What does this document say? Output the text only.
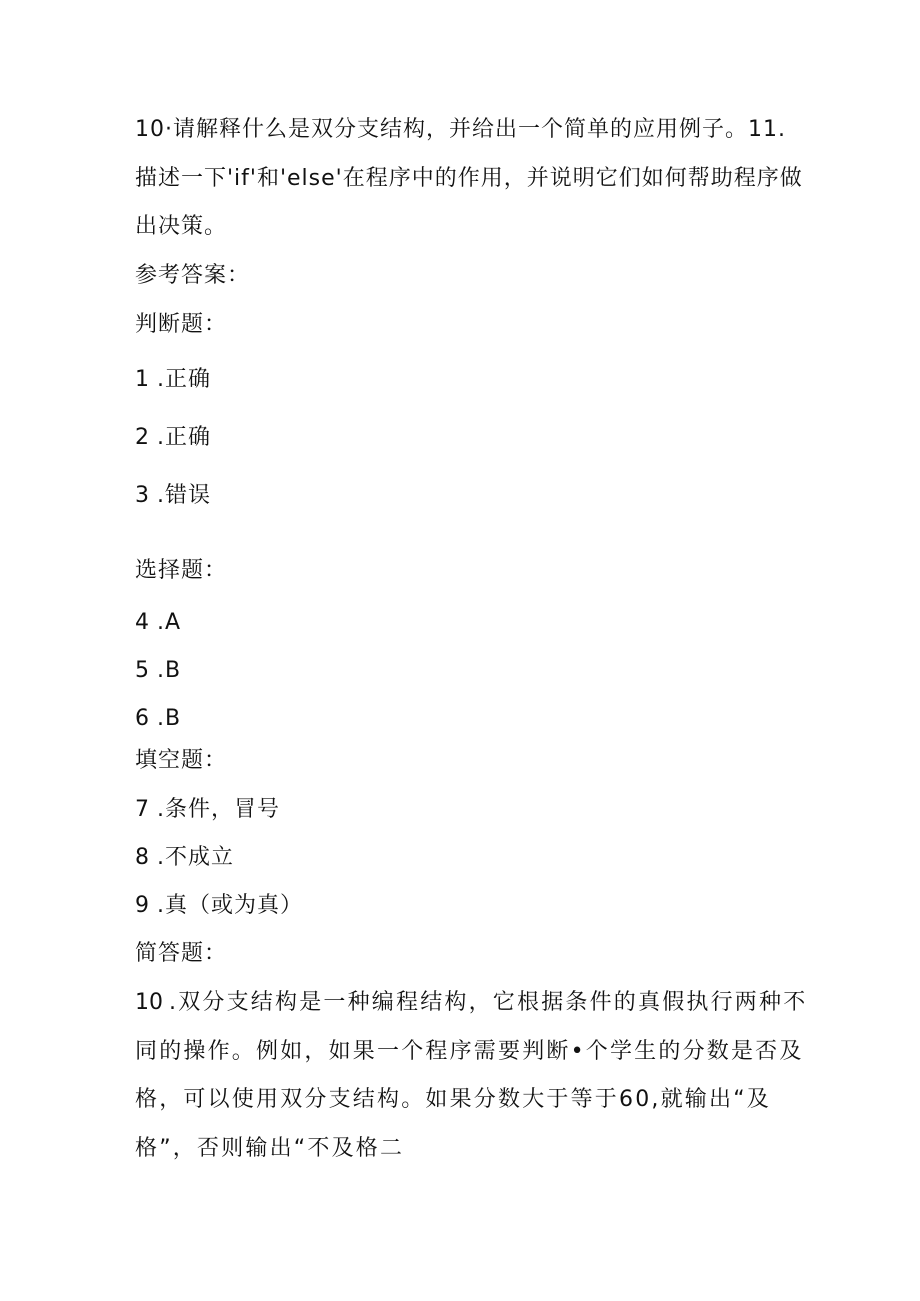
10·请解释什么是双分支结构，并给出一个简单的应用例子。11.
描述一下'if'和'else'在程序中的作用，并说明它们如何帮助程序做
出决策。
参考答案：
判断题：
1 .正确
2 .正确
3 .错误
选择题：
4 .A
5 .B
6 .B
填空题：
7 .条件，冒号
8 .不成立
9 .真（或为真）
简答题：
10 .双分支结构是一种编程结构，它根据条件的真假执行两种不
同的操作。例如，如果一个程序需要判断•个学生的分数是否及
格，可以使用双分支结构。如果分数大于等于60,就输出“及
格”，否则输出“不及格二
